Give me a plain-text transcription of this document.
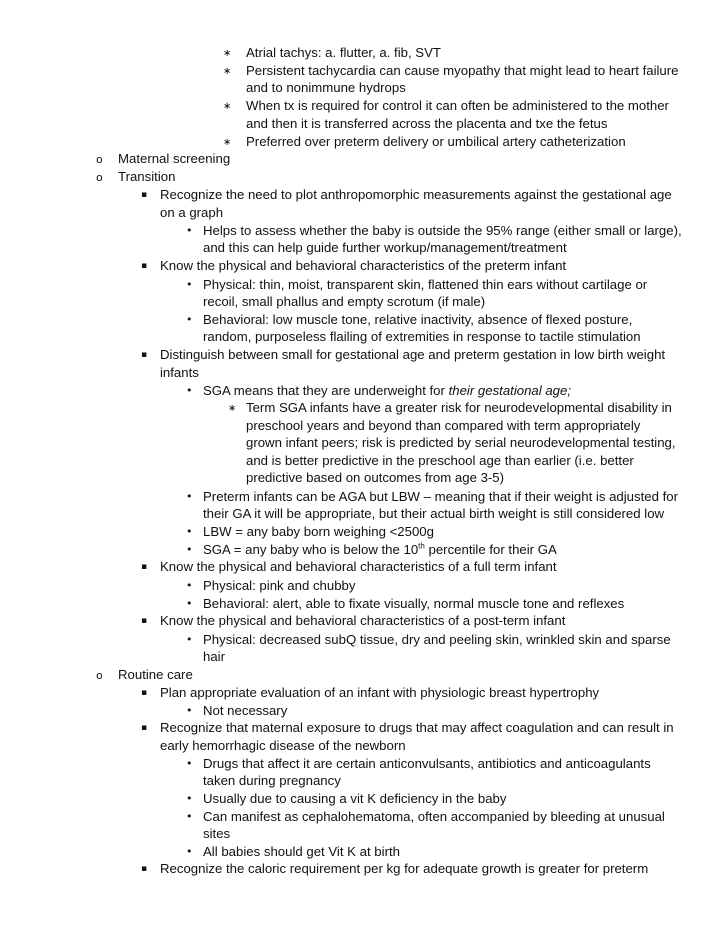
∗ Atrial tachys: a. flutter, a. fib, SVT
∗ Persistent tachycardia can cause myopathy that might lead to heart failure
and to nonimmune hydrops
∗ When tx is required for control it can often be administered to the mother
and then it is transferred across the placenta and txe the fetus
∗ Preferred over preterm delivery or umbilical artery catheterization
o Maternal screening
o Transition
▪ Recognize the need to plot anthropomorphic measurements against the gestational age
on a graph
• Helps to assess whether the baby is outside the 95% range (either small or large),
and this can help guide further workup/management/treatment
▪ Know the physical and behavioral characteristics of the preterm infant
• Physical: thin, moist, transparent skin, flattened thin ears without cartilage or
recoil, small phallus and empty scrotum (if male)
• Behavioral: low muscle tone, relative inactivity, absence of flexed posture,
random, purposeless flailing of extremities in response to tactile stimulation
▪ Distinguish between small for gestational age and preterm gestation in low birth weight
infants
• SGA means that they are underweight for their gestational age;
∗ Term SGA infants have a greater risk for neurodevelopmental disability in
preschool years and beyond than compared with term appropriately
grown infant peers; risk is predicted by serial neurodevelopmental testing,
and is better predictive in the preschool age than earlier (i.e. better
predictive based on outcomes from age 3-5)
• Preterm infants can be AGA but LBW – meaning that if their weight is adjusted for
their GA it will be appropriate, but their actual birth weight is still considered low
• LBW = any baby born weighing <2500g
• SGA = any baby who is below the 10th percentile for their GA
▪ Know the physical and behavioral characteristics of a full term infant
• Physical: pink and chubby
• Behavioral: alert, able to fixate visually, normal muscle tone and reflexes
▪ Know the physical and behavioral characteristics of a post-term infant
• Physical: decreased subQ tissue, dry and peeling skin, wrinkled skin and sparse
hair
o Routine care
▪ Plan appropriate evaluation of an infant with physiologic breast hypertrophy
• Not necessary
▪ Recognize that maternal exposure to drugs that may affect coagulation and can result in
early hemorrhagic disease of the newborn
• Drugs that affect it are certain anticonvulsants, antibiotics and anticoagulants
taken during pregnancy
• Usually due to causing a vit K deficiency in the baby
• Can manifest as cephalohematoma, often accompanied by bleeding at unusual
sites
• All babies should get Vit K at birth
▪ Recognize the caloric requirement per kg for adequate growth is greater for preterm
